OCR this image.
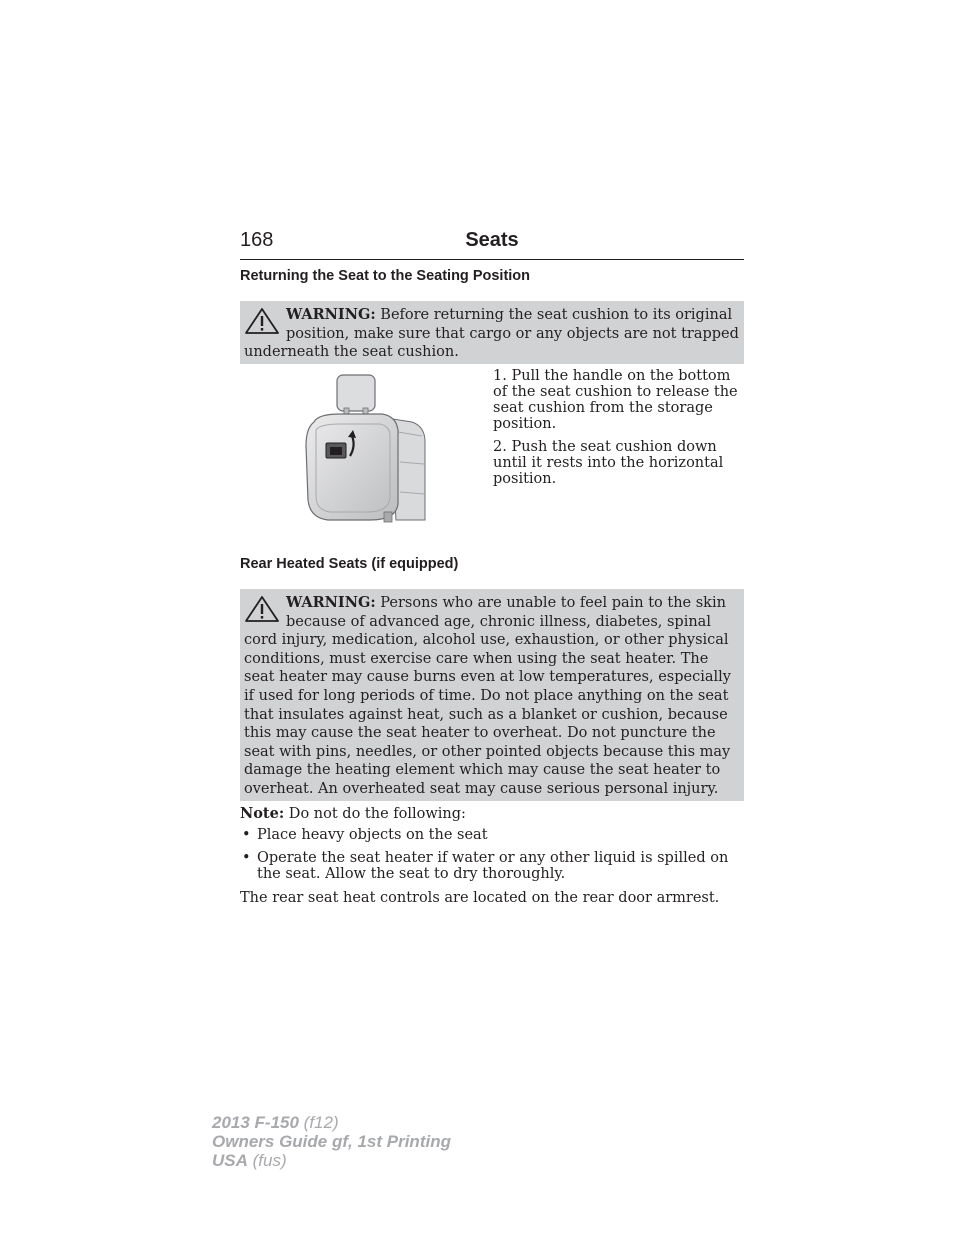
168	Seats
Returning the Seat to the Seating Position

WARNING: Before returning the seat cushion to its original position, make sure that cargo or any objects are not trapped underneath the seat cushion.

1. Pull the handle on the bottom of the seat cushion to release the seat cushion from the storage position.

2. Push the seat cushion down until it rests into the horizontal position.

Rear Heated Seats (if equipped)

WARNING: Persons who are unable to feel pain to the skin because of advanced age, chronic illness, diabetes, spinal cord injury, medication, alcohol use, exhaustion, or other physical conditions, must exercise care when using the seat heater. The seat heater may cause burns even at low temperatures, especially if used for long periods of time. Do not place anything on the seat that insulates against heat, such as a blanket or cushion, because this may cause the seat heater to overheat. Do not puncture the seat with pins, needles, or other pointed objects because this may damage the heating element which may cause the seat heater to overheat. An overheated seat may cause serious personal injury.

Note: Do not do the following:

• Place heavy objects on the seat
• Operate the seat heater if water or any other liquid is spilled on the seat. Allow the seat to dry thoroughly.

The rear seat heat controls are located on the rear door armrest.

2013 F-150 (f12)
Owners Guide gf, 1st Printing
USA (fus)
